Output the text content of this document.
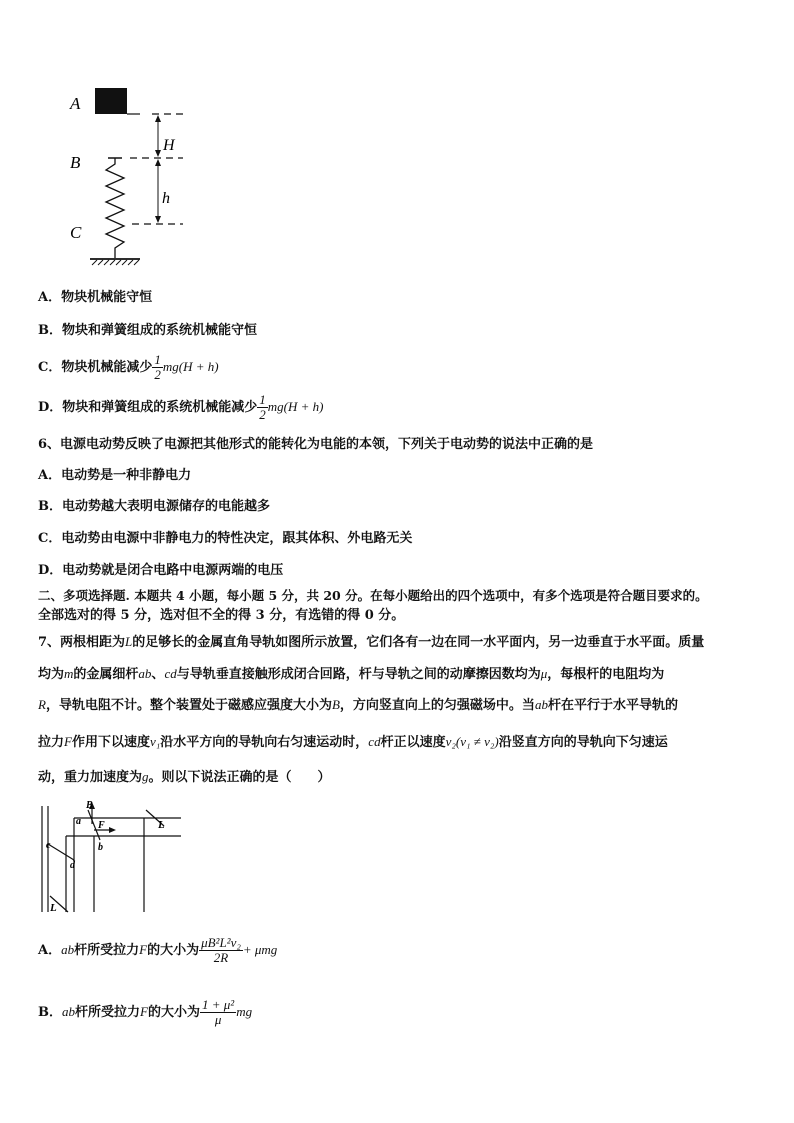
A
B
C
H
h
A．物块机械能守恒
B．物块和弹簧组成的系统机械能守恒
C．物块机械能减少 $\frac{1}{2} mg(H + h)$
D．物块和弹簧组成的系统机械能减少 $\frac{1}{2} mg(H + h)$
6、电源电动势反映了电源把其他形式的能转化为电能的本领，下列关于电动势的说法中正确的是
A．电动势是一种非静电力
B．电动势越大表明电源储存的电能越多
C．电动势由电源中非静电力的特性决定，跟其体积、外电路无关
D．电动势就是闭合电路中电源两端的电压
二、多项选择题. 本题共 4 小题，每小题 5 分，共 20 分。在每小题给出的四个选项中，有多个选项是符合题目要求的。
全部选对的得 5 分，选对但不全的得 3 分，有选错的得 0 分。
7、两根相距为L的足够长的金属直角导轨如图所示放置，它们各有一边在同一水平面内，另一边垂直于水平面。质量
均为m的金属细杆ab、cd与导轨垂直接触形成闭合回路，杆与导轨之间的动摩擦因数均为μ，每根杆的电阻均为
R，导轨电阻不计。整个装置处于磁感应强度大小为B，方向竖直向上的匀强磁场中。当ab杆在平行于水平导轨的
拉力F作用下以速度v₁沿水平方向的导轨向右匀速运动时，cd杆正以速度v₂(v₁ ≠ v₂)沿竖直方向的导轨向下匀速运
动，重力加速度为g。则以下说法正确的是（　　）
B
a F
b
L
c
d
L
A．ab杆所受拉力F的大小为 $\frac{\text{μB²L²v₂}}{2R} + \mu mg$
B．ab杆所受拉力F的大小为 $\frac{\text{1 + μ²}}{\mu}$ mg
